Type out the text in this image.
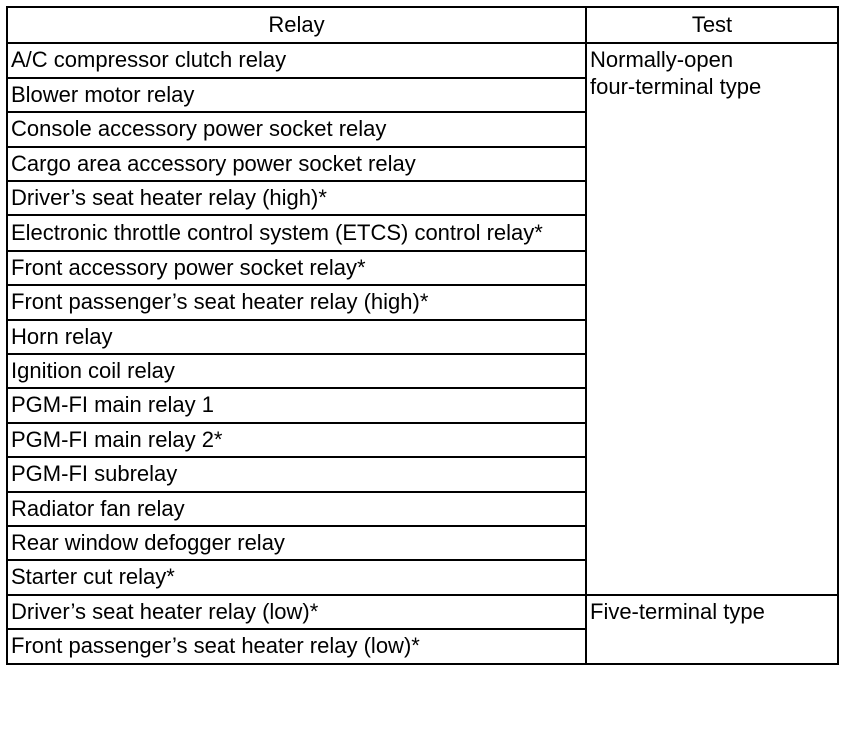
Relay	Test
A/C compressor clutch relay	Normally-open
four-terminal type
Blower motor relay	
Console accessory power socket relay	
Cargo area accessory power socket relay	
Driver’s seat heater relay (high)*	
Electronic throttle control system (ETCS) control relay*	
Front accessory power socket relay*	
Front passenger’s seat heater relay (high)*	
Horn relay	
Ignition coil relay	
PGM-FI main relay 1	
PGM-FI main relay 2*	
PGM-FI subrelay	
Radiator fan relay	
Rear window defogger relay	
Starter cut relay*	
Driver’s seat heater relay (low)*	Five-terminal type
Front passenger’s seat heater relay (low)*	
